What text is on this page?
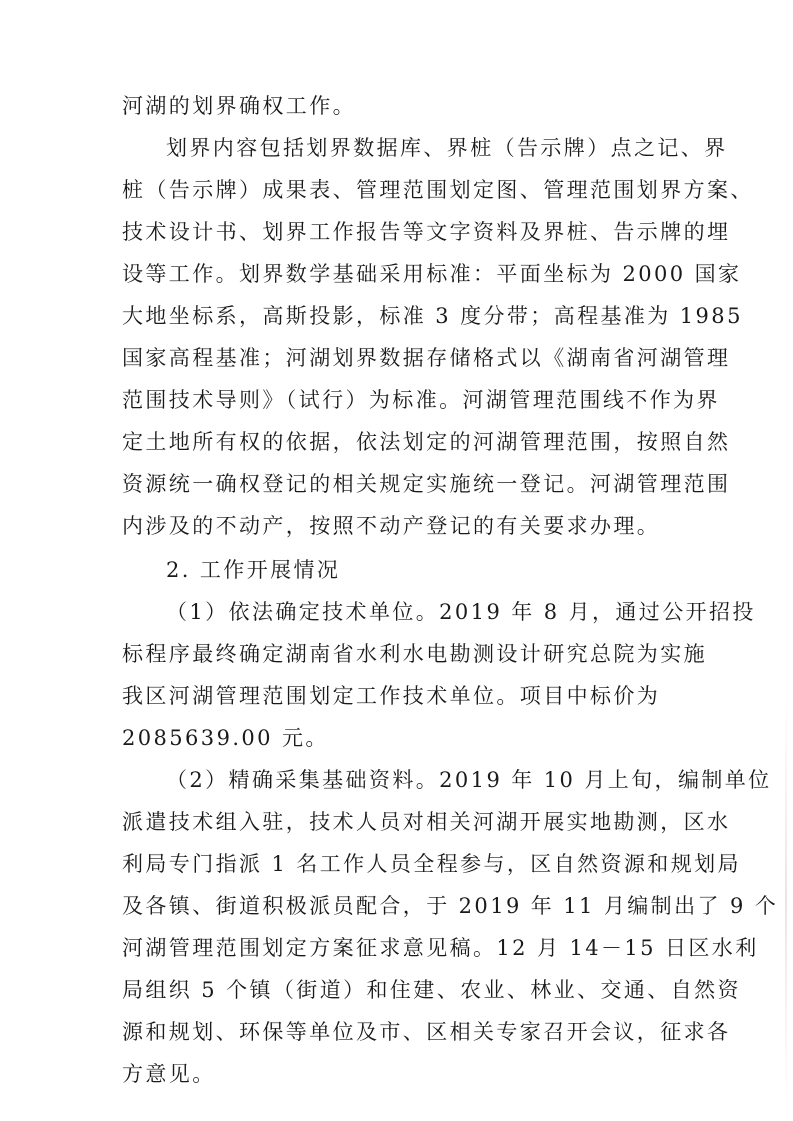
河湖的划界确权工作。
划界内容包括划界数据库、界桩（告示牌）点之记、界
桩（告示牌）成果表、管理范围划定图、管理范围划界方案、
技术设计书、划界工作报告等文字资料及界桩、告示牌的埋
设等工作。划界数学基础采用标准：平面坐标为 2000 国家
大地坐标系，高斯投影，标准 3 度分带；高程基准为 1985
国家高程基准；河湖划界数据存储格式以《湖南省河湖管理
范围技术导则》（试行）为标准。河湖管理范围线不作为界
定土地所有权的依据，依法划定的河湖管理范围，按照自然
资源统一确权登记的相关规定实施统一登记。河湖管理范围
内涉及的不动产，按照不动产登记的有关要求办理。
2. 工作开展情况
（1）依法确定技术单位。2019 年 8 月，通过公开招投
标程序最终确定湖南省水利水电勘测设计研究总院为实施
我区河湖管理范围划定工作技术单位。项目中标价为
2085639.00 元。
（2）精确采集基础资料。2019 年 10 月上旬，编制单位
派遣技术组入驻，技术人员对相关河湖开展实地勘测，区水
利局专门指派 1 名工作人员全程参与，区自然资源和规划局
及各镇、街道积极派员配合，于 2019 年 11 月编制出了 9 个
河湖管理范围划定方案征求意见稿。12 月 14－15 日区水利
局组织 5 个镇（街道）和住建、农业、林业、交通、自然资
源和规划、环保等单位及市、区相关专家召开会议，征求各
方意见。
